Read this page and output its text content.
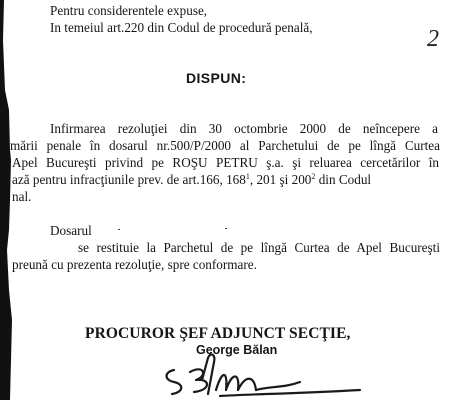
Pentru considerentele expuse,
In temeiul art.220 din Codul de procedură penală,	2
DISPUN:
Infirmarea rezoluţiei din 30 octombrie 2000 de neîncepere a
mării penale în dosarul nr.500/P/2000 al Parchetului de pe lîngă Curtea
Apel Bucureşti privind pe ROŞU PETRU ş.a. şi reluarea cercetărilor în
ază pentru infracţiunile prev. de art.166, $168^1$, 201 şi $200^2$ din Codul
nal.
Dosarul
se restituie la Parchetul de pe lîngă Curtea de Apel Bucureşti
preună cu prezenta rezoluţie, spre conformare.
PROCUROR ŞEF ADJUNCT SECŢIE,
George Bălan
